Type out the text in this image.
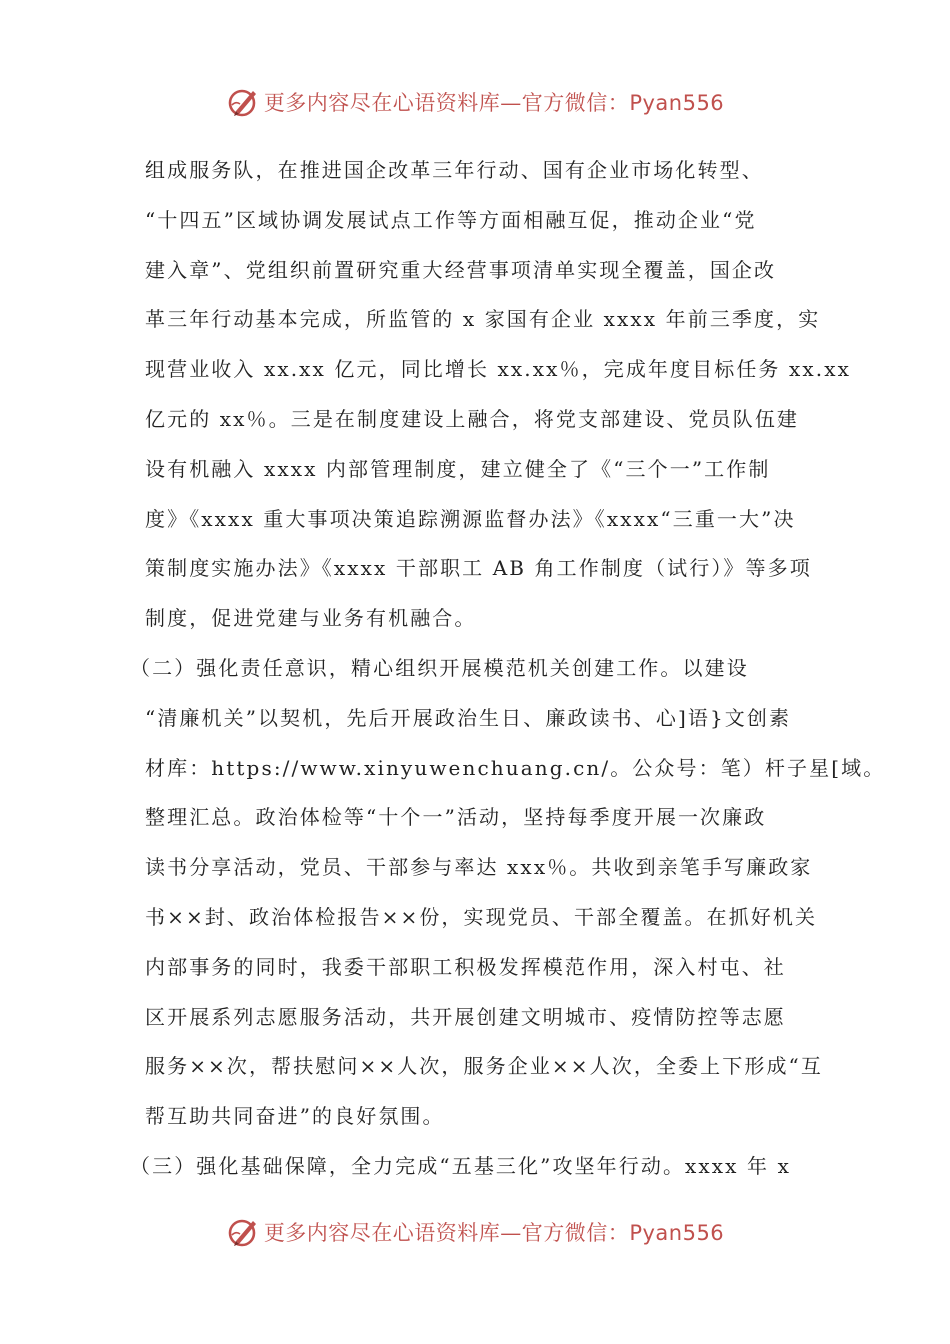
更多内容尽在心语资料库—官方微信：Pyan556
组成服务队，在推进国企改革三年行动、国有企业市场化转型、
“十四五”区域协调发展试点工作等方面相融互促，推动企业“党
建入章”、党组织前置研究重大经营事项清单实现全覆盖，国企改
革三年行动基本完成，所监管的 x 家国有企业 xxxx 年前三季度，实
现营业收入 xx.xx 亿元，同比增长 xx.xx％，完成年度目标任务 xx.xx
亿元的 xx％。三是在制度建设上融合，将党支部建设、党员队伍建
设有机融入 xxxx 内部管理制度，建立健全了《“三个一”工作制
度》《xxxx 重大事项决策追踪溯源监督办法》《xxxx“三重一大”决
策制度实施办法》《xxxx 干部职工 AB 角工作制度（试行）》等多项
制度，促进党建与业务有机融合。
（二）强化责任意识，精心组织开展模范机关创建工作。以建设
“清廉机关”以契机，先后开展政治生日、廉政读书、心]语}文创素
材库：https://www.xinyuwenchuang.cn/。公众号：笔）杆子星[域。
整理汇总。政治体检等“十个一”活动，坚持每季度开展一次廉政
读书分享活动，党员、干部参与率达 xxx％。共收到亲笔手写廉政家
书××封、政治体检报告××份，实现党员、干部全覆盖。在抓好机关
内部事务的同时，我委干部职工积极发挥模范作用，深入村屯、社
区开展系列志愿服务活动，共开展创建文明城市、疫情防控等志愿
服务××次，帮扶慰问××人次，服务企业××人次，全委上下形成“互
帮互助共同奋进”的良好氛围。
（三）强化基础保障，全力完成“五基三化”攻坚年行动。xxxx 年 x
更多内容尽在心语资料库—官方微信：Pyan556
